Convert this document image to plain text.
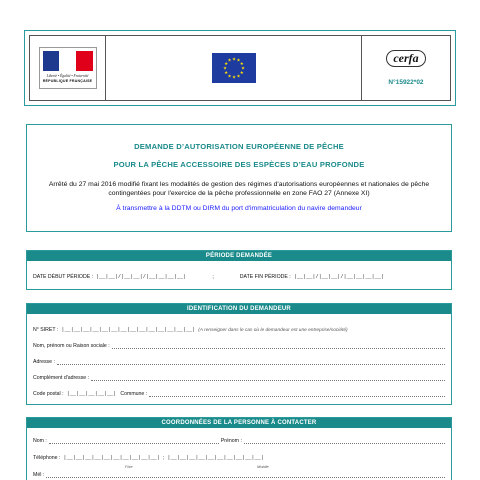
Liberté • Égalité • Fraternité
RÉPUBLIQUE FRANÇAISE
★ ★
★
★
★
★
★
★
★
★
★
★	cerfa
N°15922*02
DEMANDE D’AUTORISATION EUROPÉENNE DE PÊCHE
POUR LA PÊCHE ACCESSOIRE DES ESPÈCES D’EAU PROFONDE
Arrêté du 27 mai 2016 modifié fixant les modalités de gestion des régimes d'autorisations européennes et nationales de pêche contingentées pour l'exercice de la pêche professionnelle en zone FAO 27 (Annexe XI)
À transmettre à la DDTM ou DIRM du port d'immatriculation du navire demandeur
PÉRIODE DEMANDÉE
DATE DÉBUT PÉRIODE : |__|__|/|__|__|/|__|__|__|__|	;	DATE FIN PÉRIODE : |__|__|/|__|__|/|__|__|__|__|
IDENTIFICATION DU DEMANDEUR
N° SIRET : |__|__|__|__|__|__|__|__|__|__|__|__|__|__| (A renseigner dans le cas où le demandeur est une entreprise/société)
Nom, prénom ou Raison sociale :
Adresse :
Complément d'adresse :
Code postal : |__|__|__|__|__| Commune :
COORDONNÉES DE LA PERSONNE À CONTACTER
Nom :	Prénom :
Téléphone : |__|__|__|__|__|__|__|__|__|__| ; |__|__|__|__|__|__|__|__|__|__|
Fixe	Mobile
Mél :
